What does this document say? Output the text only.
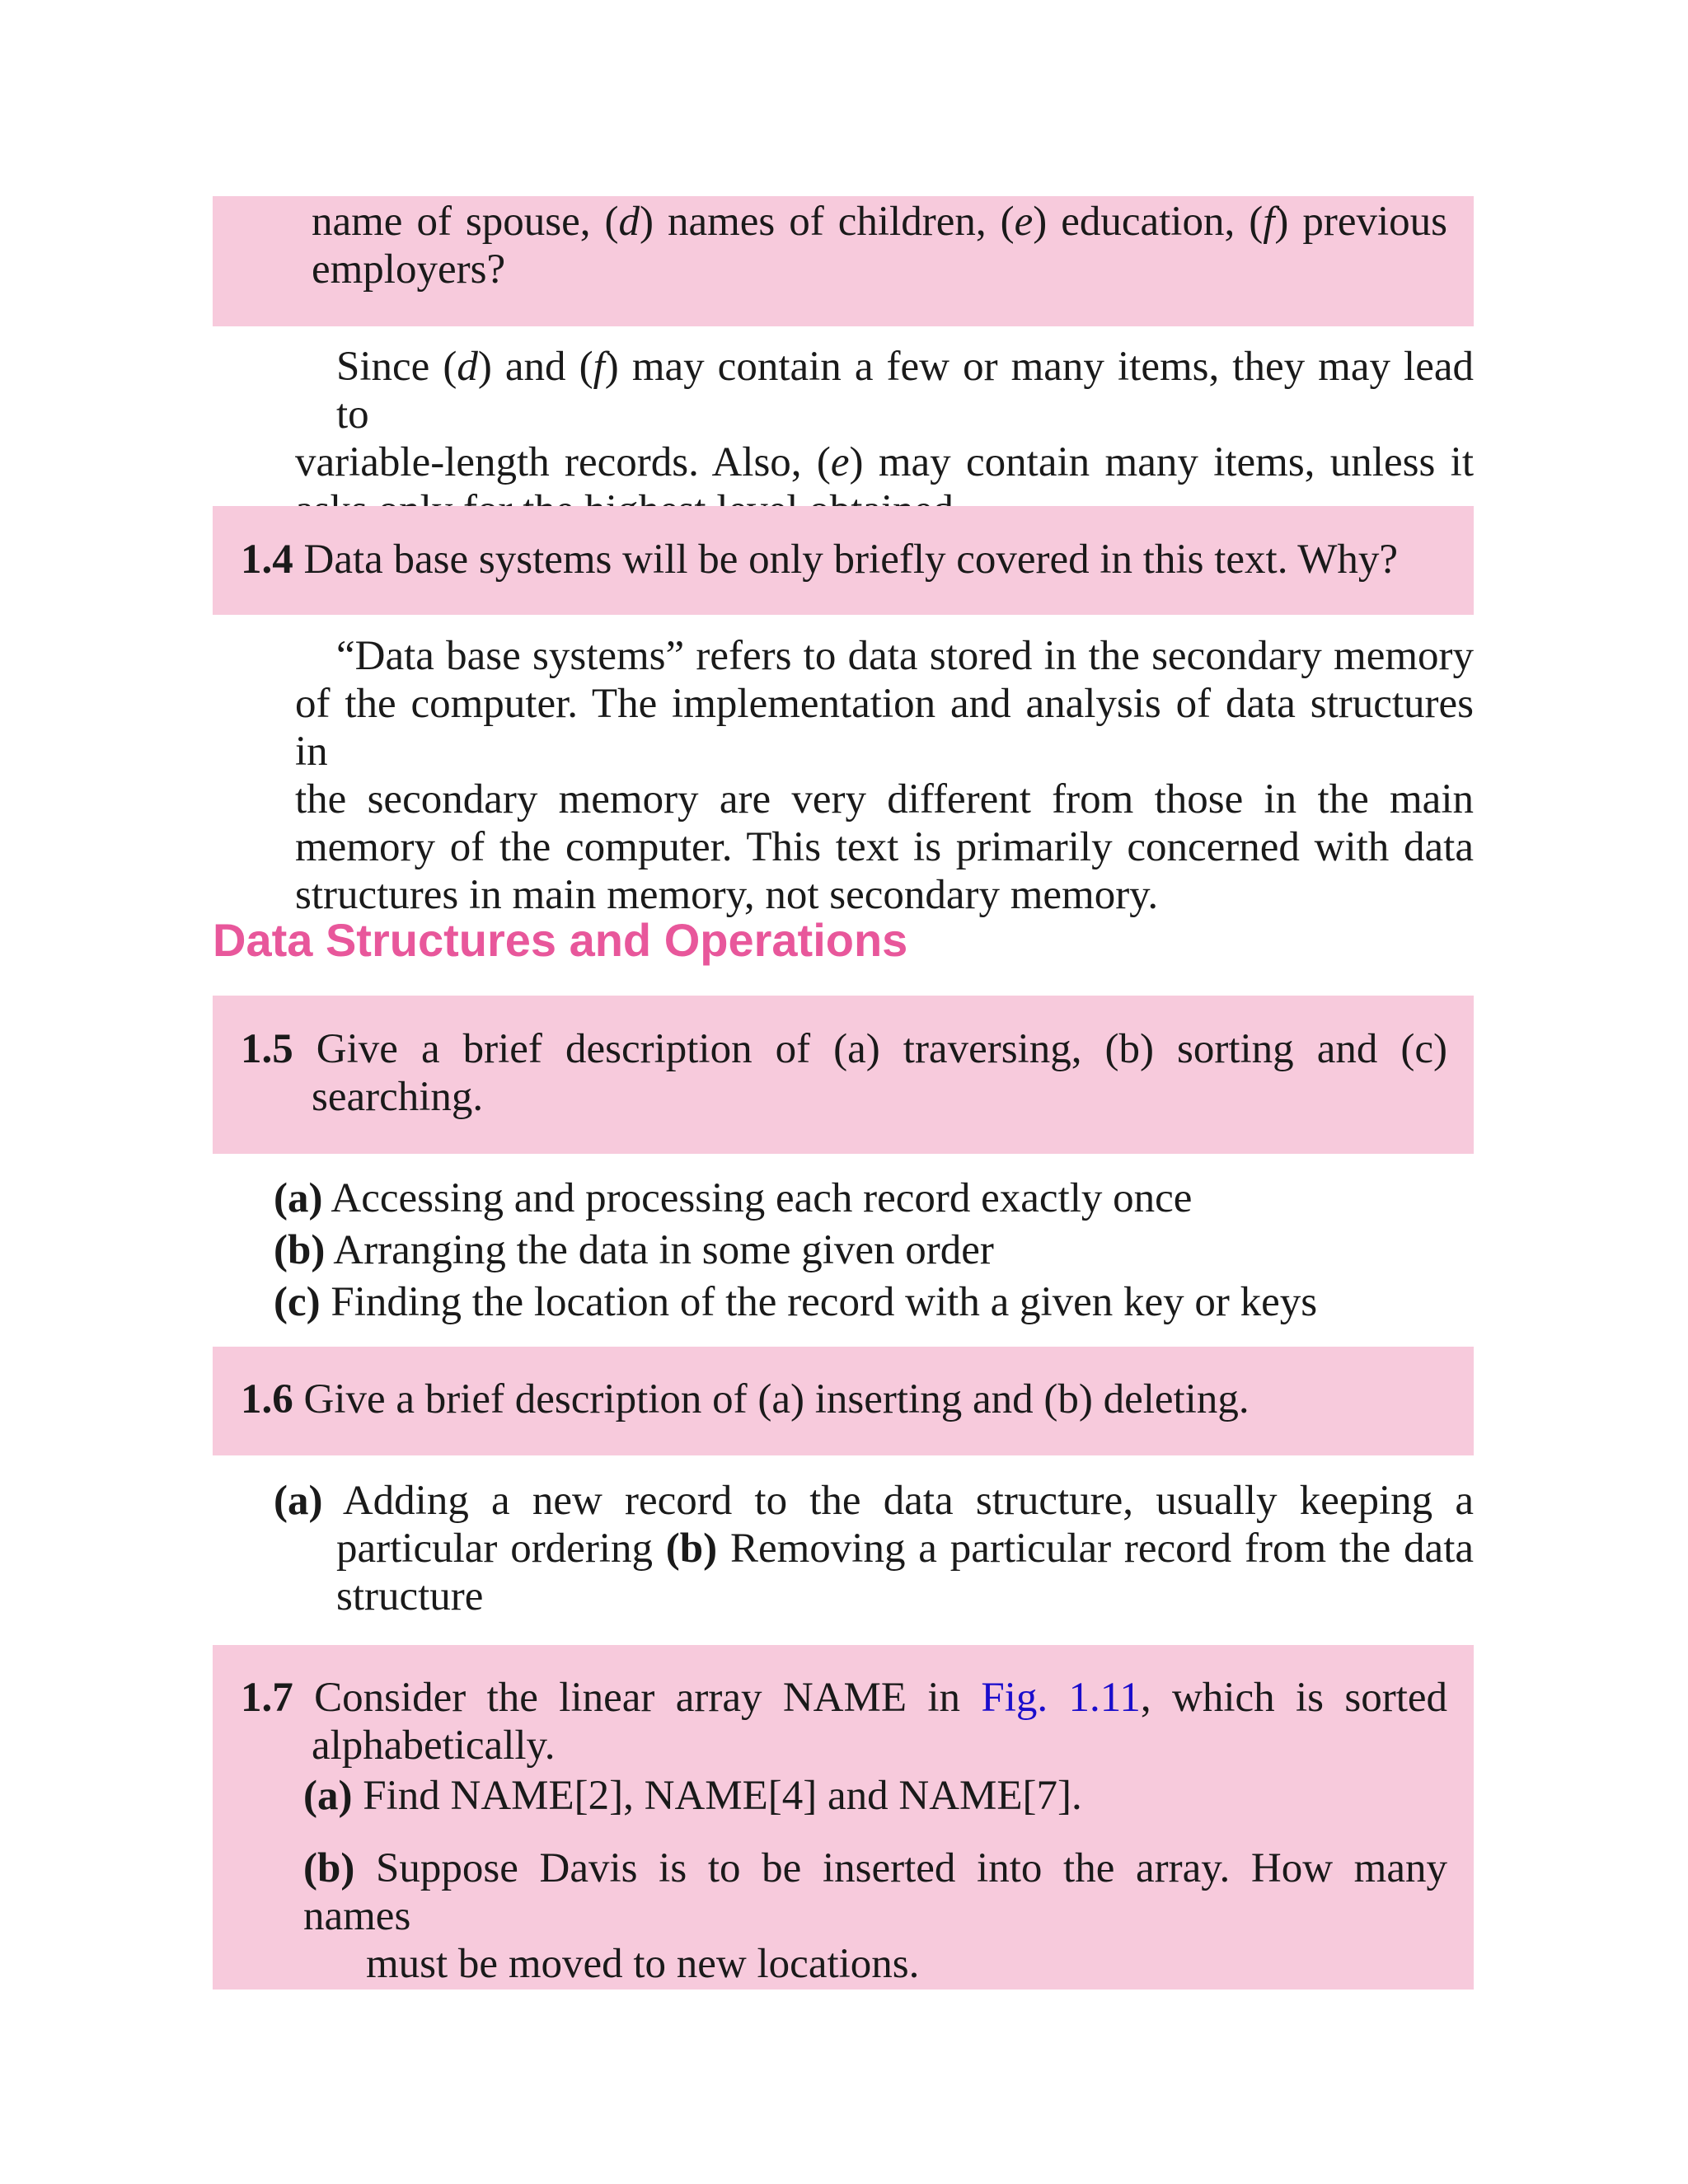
name of spouse, (d) names of children, (e) education, (f) previous
employers?
Since (d) and (f) may contain a few or many items, they may lead to
variable-length records. Also, (e) may contain many items, unless it
1.4 Data base systems will be only briefly covered in this text. Why?
“Data base systems” refers to data stored in the secondary memory
of the computer. The implementation and analysis of data structures in
the secondary memory are very different from those in the main
memory of the computer. This text is primarily concerned with data
structures in main memory, not secondary memory.
Data Structures and Operations
1.5 Give a brief description of (a) traversing, (b) sorting and (c)
searching.
(a) Accessing and processing each record exactly once
(b) Arranging the data in some given order
(c) Finding the location of the record with a given key or keys
1.6 Give a brief description of (a) inserting and (b) deleting.
(a) Adding a new record to the data structure, usually keeping a
particular ordering (b) Removing a particular record from the data
structure
1.7 Consider the linear array NAME in Fig. 1.11, which is sorted
alphabetically.
(a) Find NAME[2], NAME[4] and NAME[7].
(b) Suppose Davis is to be inserted into the array. How many names
must be moved to new locations.
